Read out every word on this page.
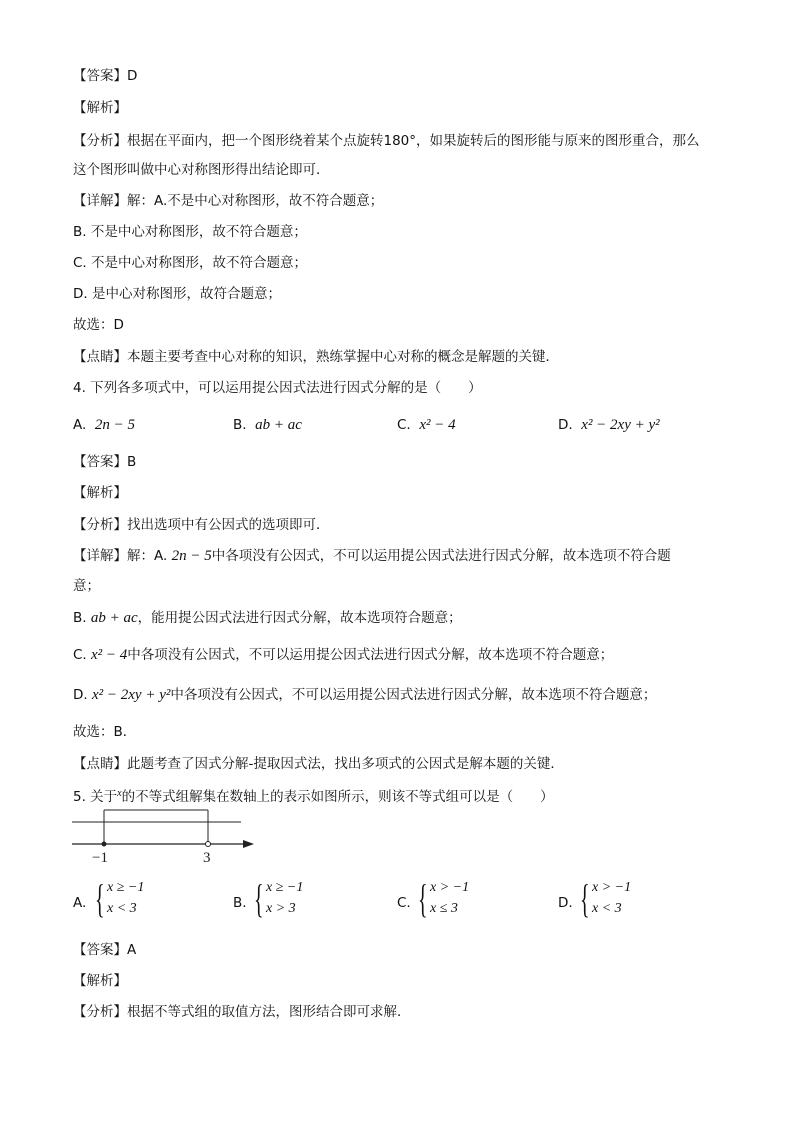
【答案】D
【解析】
【分析】根据在平面内，把一个图形绕着某个点旋转180°，如果旋转后的图形能与原来的图形重合，那么
这个图形叫做中心对称图形得出结论即可．
【详解】解：A.不是中心对称图形，故不符合题意；
B. 不是中心对称图形，故不符合题意；
C. 不是中心对称图形，故不符合题意；
D. 是中心对称图形，故符合题意；
故选：D
【点睛】本题主要考查中心对称的知识，熟练掌握中心对称的概念是解题的关键．
4. 下列各多项式中，可以运用提公因式法进行因式分解的是（　　）
A. 2n − 5	B. ab + ac	C. x² − 4	D. x² − 2xy + y²
【答案】B
【解析】
【分析】找出选项中有公因式的选项即可．
【详解】解：A. 2n − 5中各项没有公因式，不可以运用提公因式法进行因式分解，故本选项不符合题
意；
B. ab + ac，能用提公因式法进行因式分解，故本选项符合题意；
C. x² − 4中各项没有公因式，不可以运用提公因式法进行因式分解，故本选项不符合题意；
D. x² − 2xy + y²中各项没有公因式，不可以运用提公因式法进行因式分解，故本选项不符合题意；
故选：B．
【点睛】此题考查了因式分解-提取因式法，找出多项式的公因式是解本题的关键．
5. 关于$^x$的不等式组解集在数轴上的表示如图所示，则该不等式组可以是（　　）
−1	3
A. { x ≥ −1
x < 3	B. { x ≥ −1
x > 3	C. { x > −1
x ≤ 3	D. { x > −1
x < 3
【答案】A
【解析】
【分析】根据不等式组的取值方法，图形结合即可求解．
